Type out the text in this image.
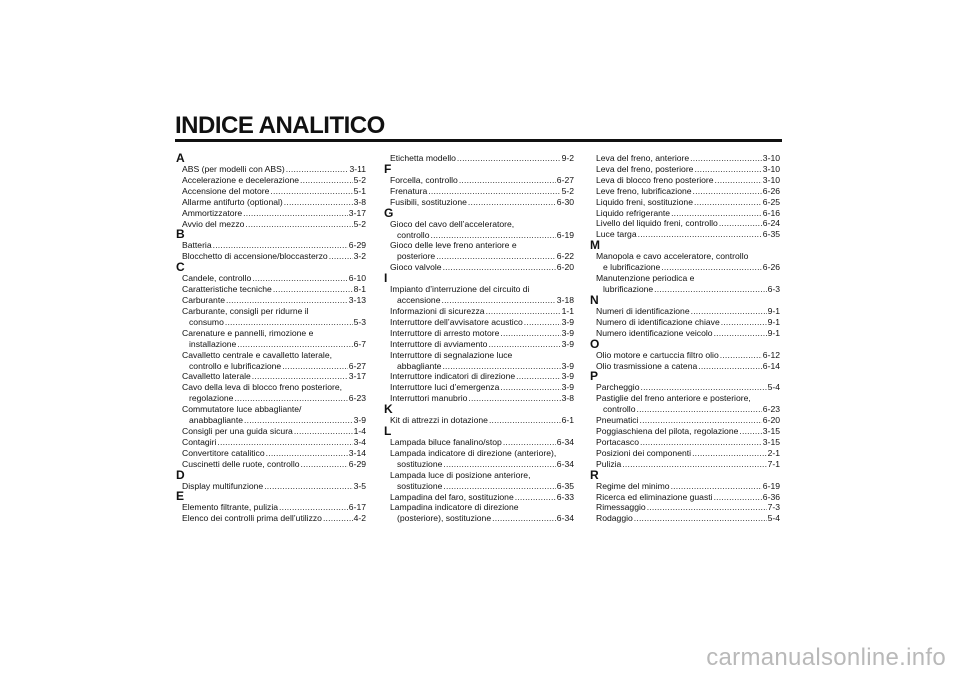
INDICE ANALITICO
A
ABS (per modelli con ABS) .....	3-11
Accelerazione e decelerazione .....	5-2
Accensione del motore .....	5-1
Allarme antifurto (optional) .....	3-8
Ammortizzatore .....	3-17
Avvio del mezzo .....	5-2
B
Batteria .....	6-29
Blocchetto di accensione/bloccasterzo .....	3-2
C
Candele, controllo .....	6-10
Caratteristiche tecniche .....	8-1
Carburante .....	3-13
Carburante, consigli per ridurne il
consumo .....	5-3
Carenature e pannelli, rimozione e
installazione .....	6-7
Cavalletto centrale e cavalletto laterale,
controllo e lubrificazione .....	6-27
Cavalletto laterale .....	3-17
Cavo della leva di blocco freno posteriore,
regolazione .....	6-23
Commutatore luce abbagliante/
anabbagliante .....	3-9
Consigli per una guida sicura .....	1-4
Contagiri .....	3-4
Convertitore catalitico .....	3-14
Cuscinetti delle ruote, controllo .....	6-29
D
Display multifunzione .....	3-5
E
Elemento filtrante, pulizia .....	6-17
Elenco dei controlli prima dell’utilizzo .....	4-2
Etichetta modello .....	9-2
F
Forcella, controllo .....	6-27
Frenatura .....	5-2
Fusibili, sostituzione .....	6-30
G
Gioco del cavo dell’acceleratore,
controllo .....	6-19
Gioco delle leve freno anteriore e
posteriore .....	6-22
Gioco valvole .....	6-20
I
Impianto d’interruzione del circuito di
accensione .....	3-18
Informazioni di sicurezza .....	1-1
Interruttore dell’avvisatore acustico .....	3-9
Interruttore di arresto motore .....	3-9
Interruttore di avviamento .....	3-9
Interruttore di segnalazione luce
abbagliante .....	3-9
Interruttore indicatori di direzione .....	3-9
Interruttore luci d’emergenza .....	3-9
Interruttori manubrio .....	3-8
K
Kit di attrezzi in dotazione .....	6-1
L
Lampada biluce fanalino/stop .....	6-34
Lampada indicatore di direzione (anteriore),
sostituzione .....	6-34
Lampada luce di posizione anteriore,
sostituzione .....	6-35
Lampadina del faro, sostituzione .....	6-33
Lampadina indicatore di direzione
(posteriore), sostituzione .....	6-34
Leva del freno, anteriore .....	3-10
Leva del freno, posteriore .....	3-10
Leva di blocco freno posteriore .....	3-10
Leve freno, lubrificazione .....	6-26
Liquido freni, sostituzione .....	6-25
Liquido refrigerante .....	6-16
Livello del liquido freni, controllo .....	6-24
Luce targa .....	6-35
M
Manopola e cavo acceleratore, controllo
e lubrificazione .....	6-26
Manutenzione periodica e
lubrificazione .....	6-3
N
Numeri di identificazione .....	9-1
Numero di identificazione chiave .....	9-1
Numero identificazione veicolo .....	9-1
O
Olio motore e cartuccia filtro olio .....	6-12
Olio trasmissione a catena .....	6-14
P
Parcheggio .....	5-4
Pastiglie del freno anteriore e posteriore,
controllo .....	6-23
Pneumatici .....	6-20
Poggiaschiena del pilota, regolazione .....	3-15
Portacasco .....	3-15
Posizioni dei componenti .....	2-1
Pulizia .....	7-1
R
Regime del minimo .....	6-19
Ricerca ed eliminazione guasti .....	6-36
Rimessaggio .....	7-3
Rodaggio .....	5-4
carmanualsonline.info
